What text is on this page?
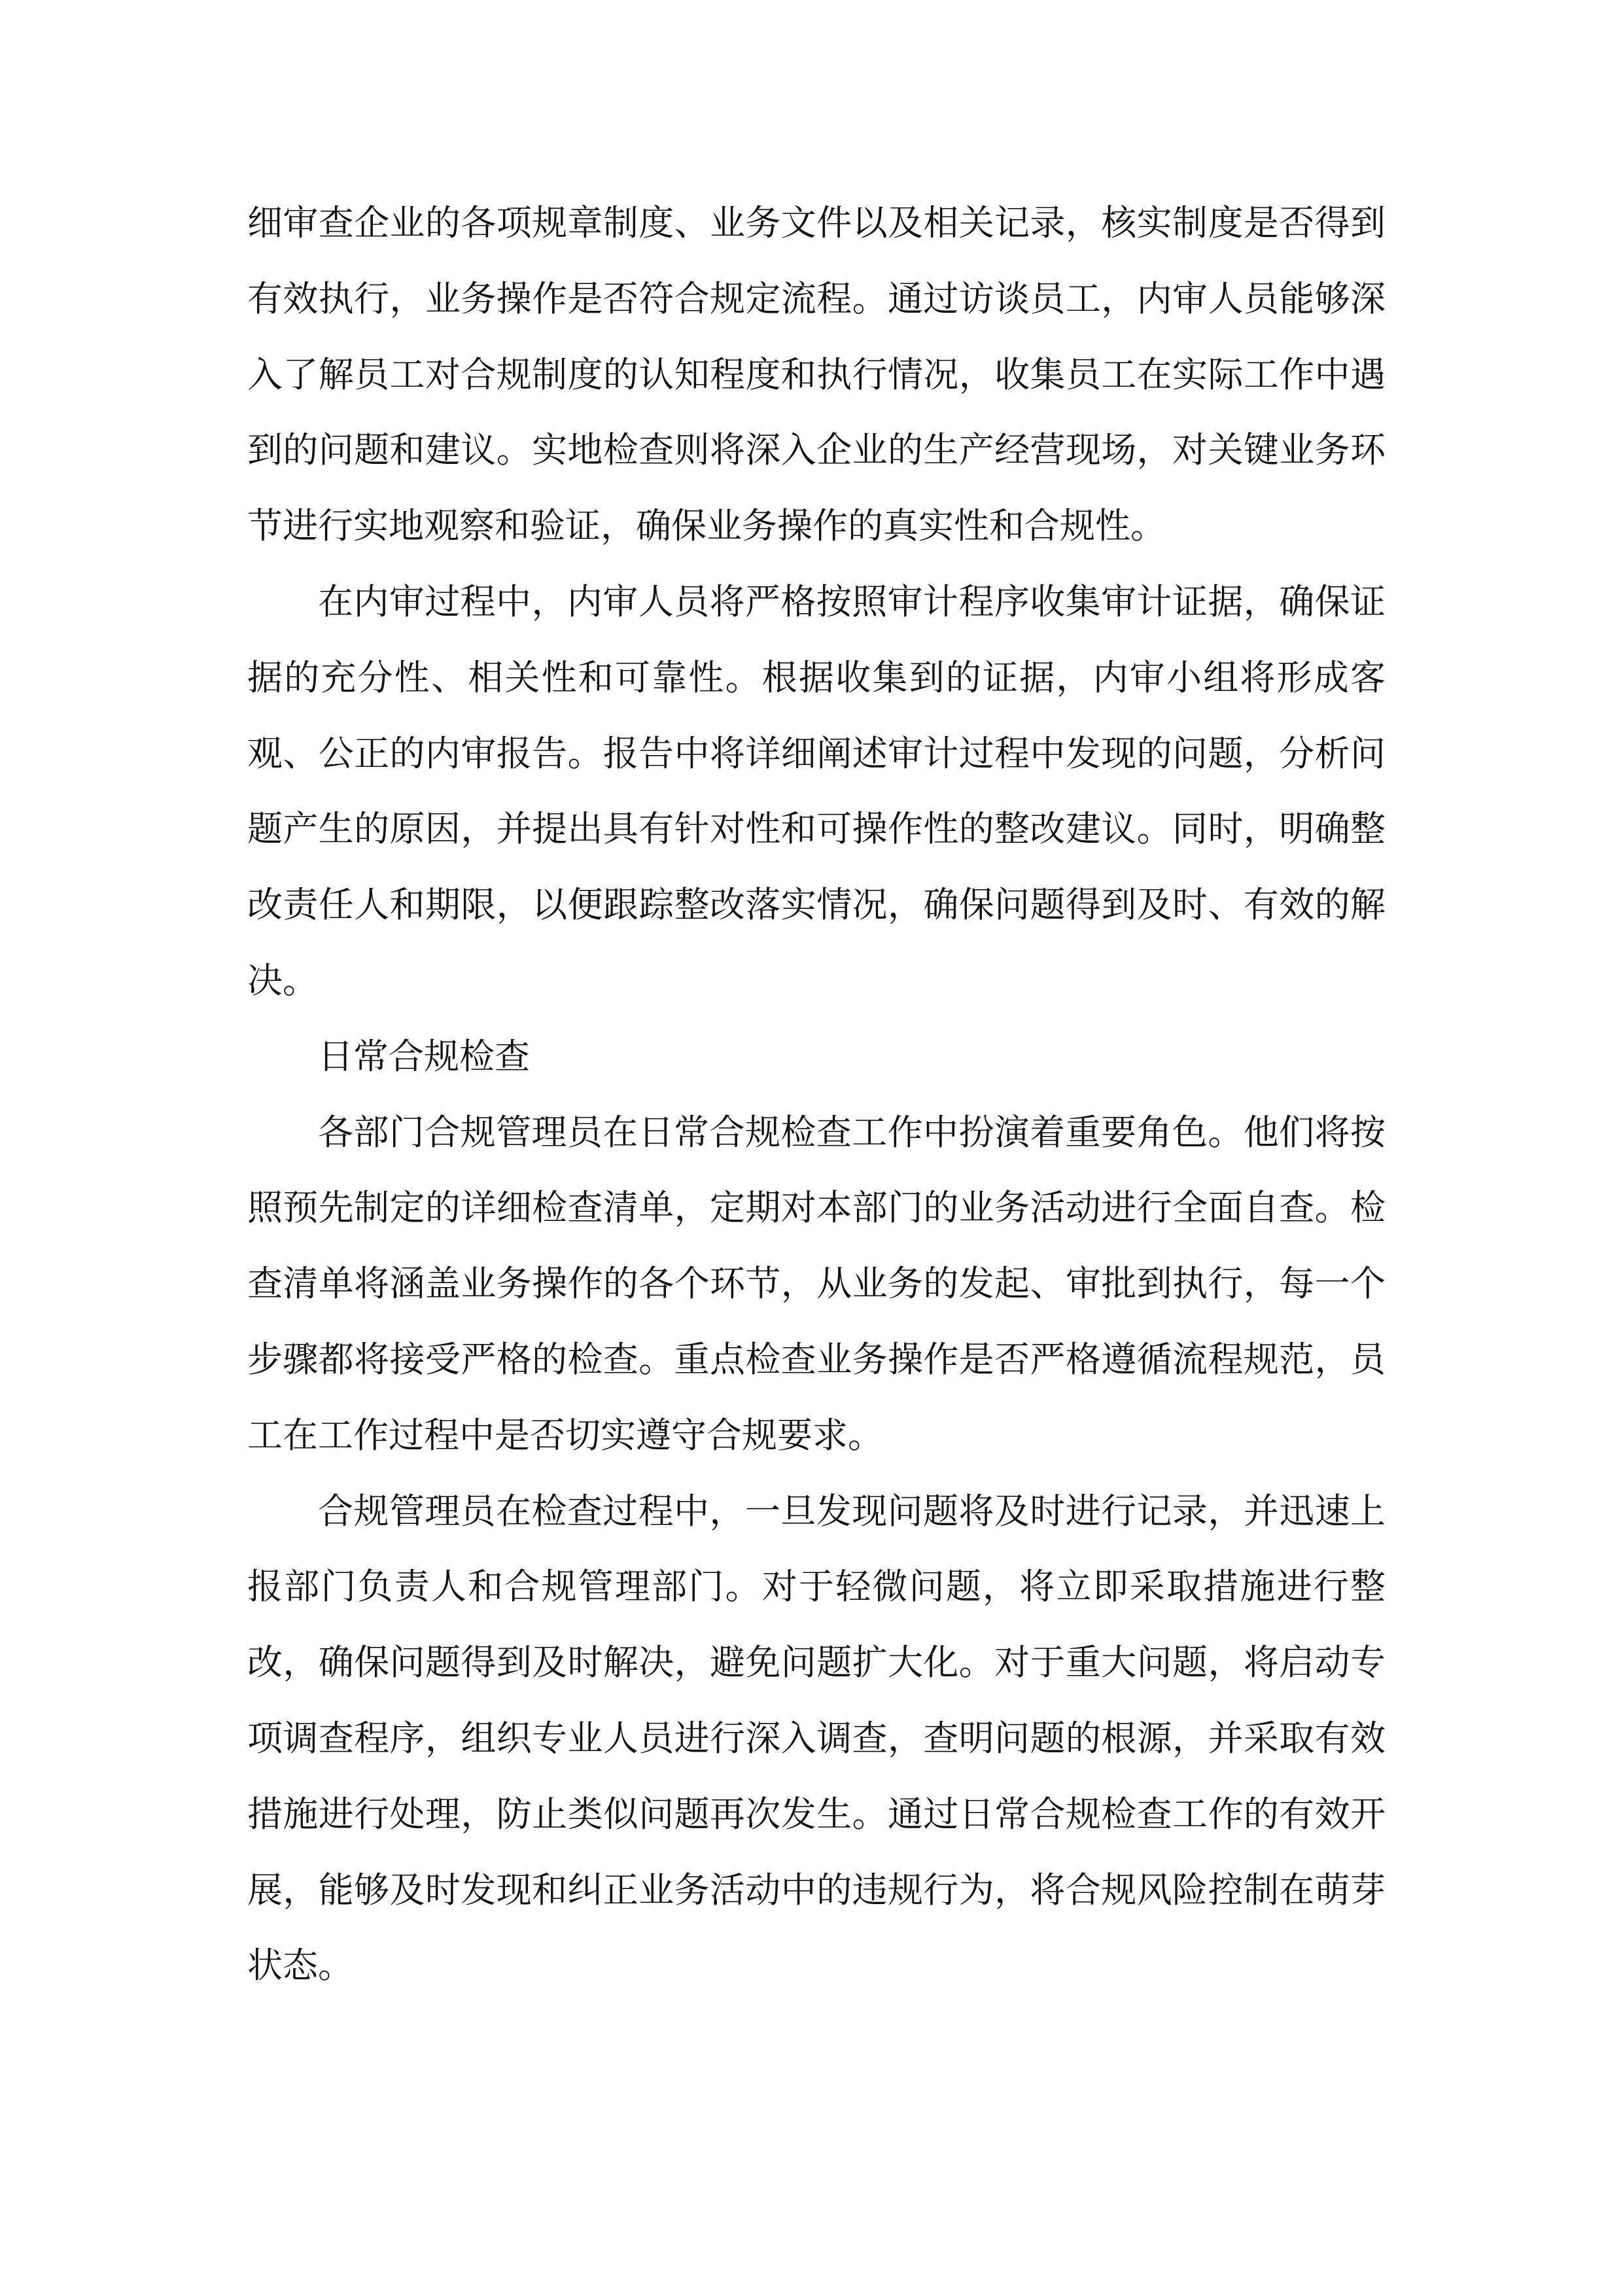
细审查企业的各项规章制度、业务文件以及相关记录，核实制度是否得到有效执行，业务操作是否符合规定流程。通过访谈员工，内审人员能够深入了解员工对合规制度的认知程度和执行情况，收集员工在实际工作中遇到的问题和建议。实地检查则将深入企业的生产经营现场，对关键业务环节进行实地观察和验证，确保业务操作的真实性和合规性。

在内审过程中，内审人员将严格按照审计程序收集审计证据，确保证据的充分性、相关性和可靠性。根据收集到的证据，内审小组将形成客观、公正的内审报告。报告中将详细阐述审计过程中发现的问题，分析问题产生的原因，并提出具有针对性和可操作性的整改建议。同时，明确整改责任人和期限，以便跟踪整改落实情况，确保问题得到及时、有效的解决。

日常合规检查

各部门合规管理员在日常合规检查工作中扮演着重要角色。他们将按照预先制定的详细检查清单，定期对本部门的业务活动进行全面自查。检查清单将涵盖业务操作的各个环节，从业务的发起、审批到执行，每一个步骤都将接受严格的检查。重点检查业务操作是否严格遵循流程规范，员工在工作过程中是否切实遵守合规要求。

合规管理员在检查过程中，一旦发现问题将及时进行记录，并迅速上报部门负责人和合规管理部门。对于轻微问题，将立即采取措施进行整改，确保问题得到及时解决，避免问题扩大化。对于重大问题，将启动专项调查程序，组织专业人员进行深入调查，查明问题的根源，并采取有效措施进行处理，防止类似问题再次发生。通过日常合规检查工作的有效开展，能够及时发现和纠正业务活动中的违规行为，将合规风险控制在萌芽状态。
